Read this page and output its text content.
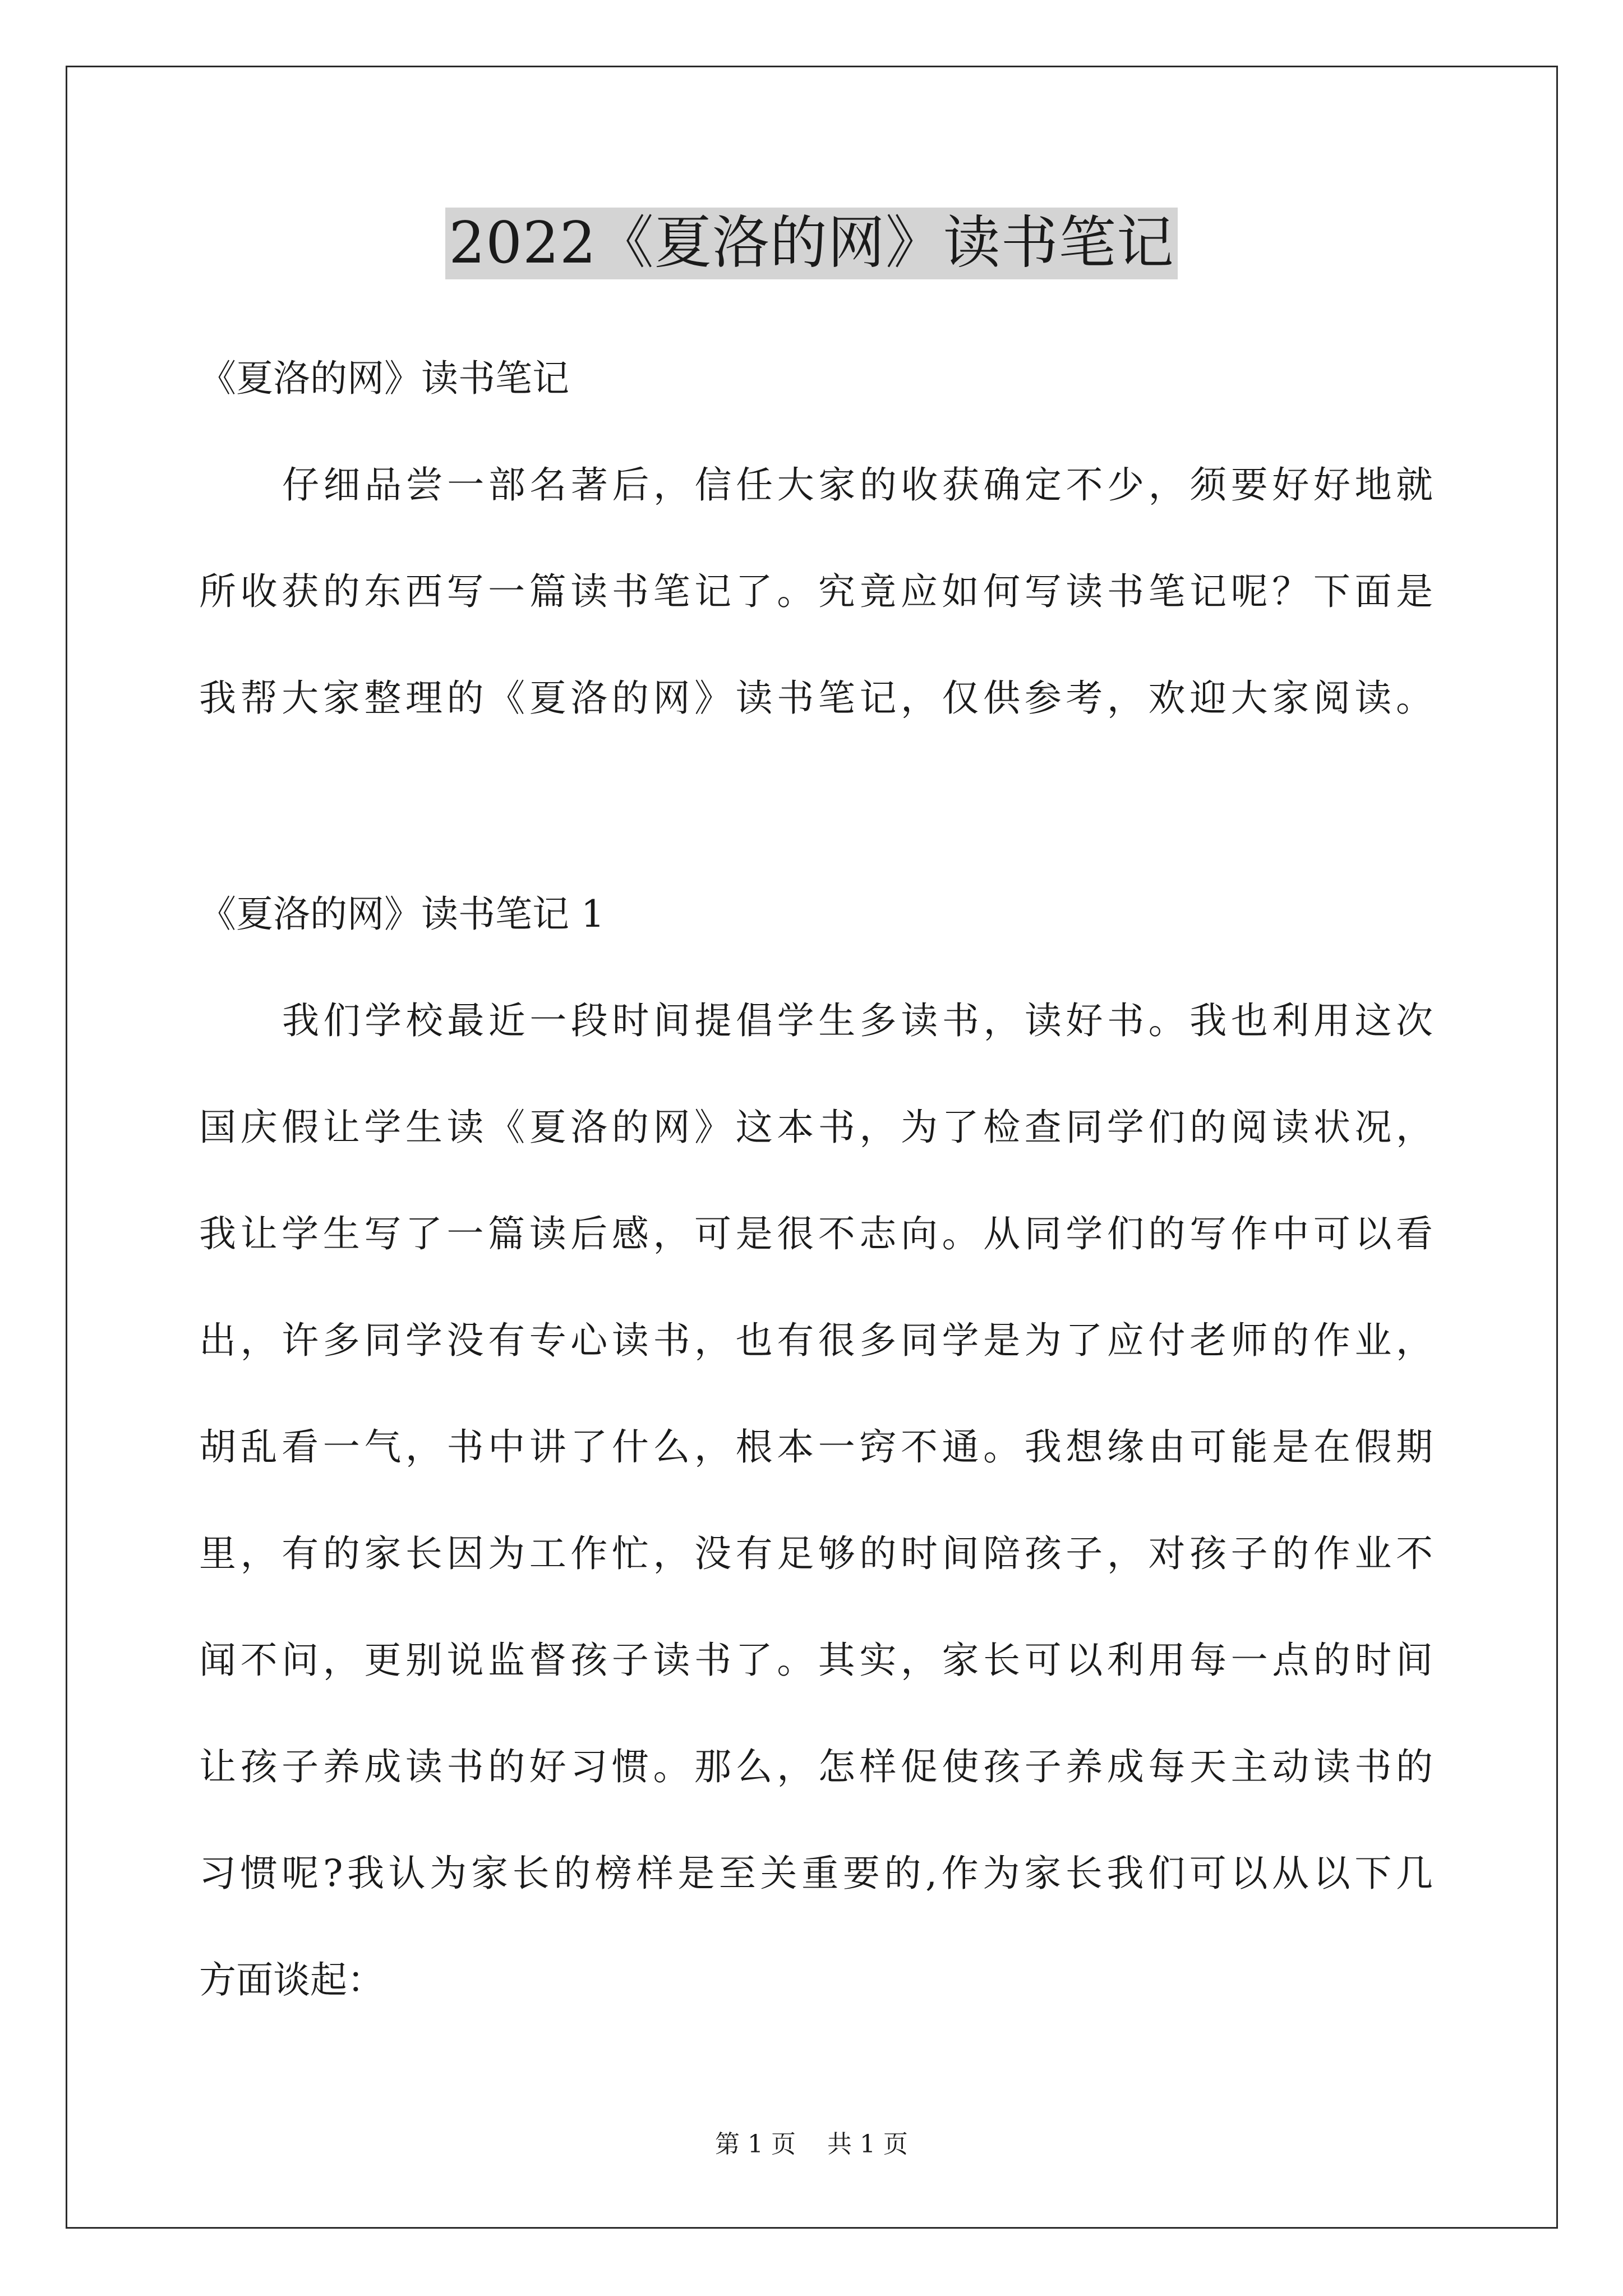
2022《夏洛的网》读书笔记
《夏洛的网》读书笔记
仔细品尝一部名著后，信任大家的收获确定不少，须要好好地就
所收获的东西写一篇读书笔记了。究竟应如何写读书笔记呢？下面是
我帮大家整理的《夏洛的网》读书笔记，仅供参考，欢迎大家阅读。
《夏洛的网》读书笔记 1
我们学校最近一段时间提倡学生多读书，读好书。我也利用这次
国庆假让学生读《夏洛的网》这本书，为了检查同学们的阅读状况，
我让学生写了一篇读后感，可是很不志向。从同学们的写作中可以看
出，许多同学没有专心读书，也有很多同学是为了应付老师的作业，
胡乱看一气，书中讲了什么，根本一窍不通。我想缘由可能是在假期
里，有的家长因为工作忙，没有足够的时间陪孩子，对孩子的作业不
闻不问，更别说监督孩子读书了。其实，家长可以利用每一点的时间
让孩子养成读书的好习惯。那么，怎样促使孩子养成每天主动读书的
习惯呢?我认为家长的榜样是至关重要的,作为家长我们可以从以下几
方面谈起：
第 1 页    共 1 页
